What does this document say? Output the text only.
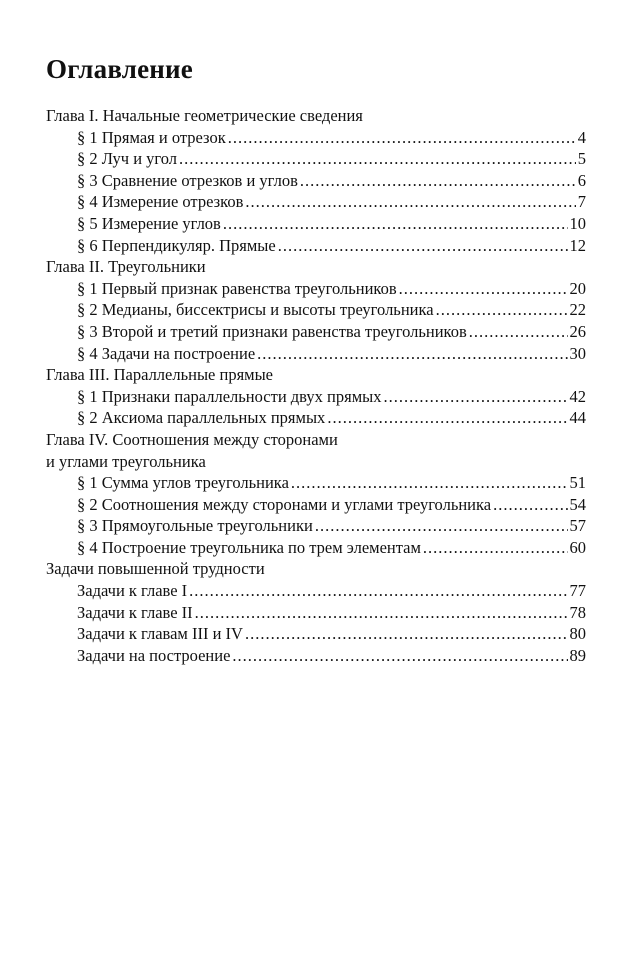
Оглавление
Глава I. Начальные геометрические сведения
§ 1 Прямая и отрезок .....	4
§ 2 Луч и угол .....	5
§ 3 Сравнение отрезков и углов .....	6
§ 4 Измерение отрезков .....	7
§ 5 Измерение углов .....	10
§ 6 Перпендикуляр. Прямые .....	12
Глава II. Треугольники
§ 1 Первый признак равенства треугольников .....	20
§ 2 Медианы, биссектрисы и высоты треугольника .....	22
§ 3 Второй и третий признаки равенства треугольников .....	26
§ 4 Задачи на построение .....	30
Глава III. Параллельные прямые
§ 1 Признаки параллельности двух прямых .....	42
§ 2 Аксиома параллельных прямых .....	44
Глава IV. Соотношения между сторонами
и углами треугольника
§ 1 Сумма углов треугольника .....	51
§ 2 Соотношения между сторонами и углами треугольника .....	54
§ 3 Прямоугольные треугольники .....	57
§ 4 Построение треугольника по трем элементам .....	60
Задачи повышенной трудности
Задачи к главе I .....	77
Задачи к главе II .....	78
Задачи к главам III и IV .....	80
Задачи на построение .....	89
